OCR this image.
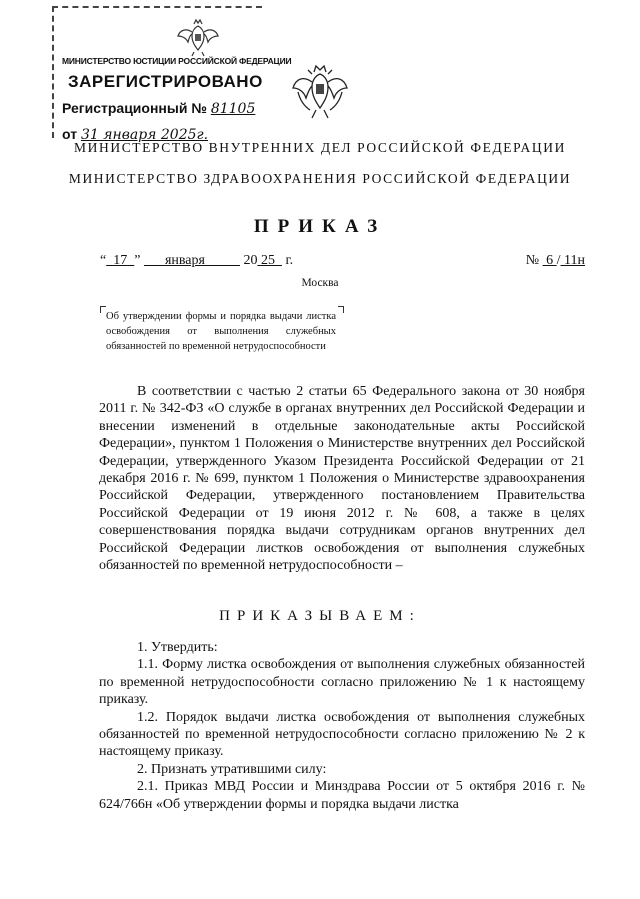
МИНИСТЕРСТВО ЮСТИЦИИ РОССИЙСКОЙ ФЕДЕРАЦИИ
ЗАРЕГИСТРИРОВАНО
Регистрационный № 81105
от 31 января 2025г.
МИНИСТЕРСТВО ВНУТРЕННИХ ДЕЛ РОССИЙСКОЙ ФЕДЕРАЦИИ
МИНИСТЕРСТВО ЗДРАВООХРАНЕНИЯ РОССИЙСКОЙ ФЕДЕРАЦИИ
ПРИКАЗ
“ 17 ” января	20 25 г.	№ 6 / 11н
Москва
Об утверждении формы и порядка выдачи листка освобождения от выполнения служебных обязанностей по временной нетрудоспособности

В соответствии с частью 2 статьи 65 Федерального закона от 30 ноября 2011 г. № 342-ФЗ «О службе в органах внутренних дел Российской Федерации и внесении изменений в отдельные законодательные акты Российской Федерации», пунктом 1 Положения о Министерстве внутренних дел Российской Федерации, утвержденного Указом Президента Российской Федерации от 21 декабря 2016 г. № 699, пунктом 1 Положения о Министерстве здравоохранения Российской Федерации, утвержденного постановлением Правительства Российской Федерации от 19 июня 2012 г. № 608, а также в целях совершенствования порядка выдачи сотрудникам органов внутренних дел Российской Федерации листков освобождения от выполнения служебных обязанностей по временной нетрудоспособности –

ПРИКАЗЫВАЕМ:

1. Утвердить:

1.1. Форму листка освобождения от выполнения служебных обязанностей по временной нетрудоспособности согласно приложению № 1 к настоящему приказу.

1.2. Порядок выдачи листка освобождения от выполнения служебных обязанностей по временной нетрудоспособности согласно приложению № 2 к настоящему приказу.

2. Признать утратившими силу:

2.1. Приказ МВД России и Минздрава России от 5 октября 2016 г. № 624/766н «Об утверждении формы и порядка выдачи листка
